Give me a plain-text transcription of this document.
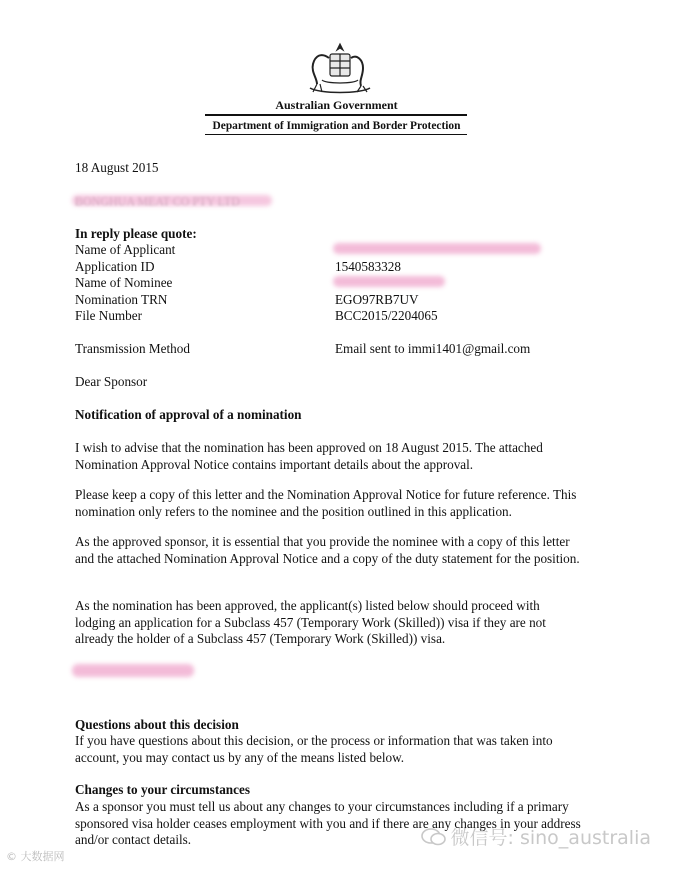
Australian Government
Department of Immigration and Border Protection
18 August 2015
In reply please quote:
Name of Applicant
Application ID	1540583328
Name of Nominee
Nomination TRN	EGO97RB7UV
File Number	BCC2015/2204065
Transmission Method	Email sent to immi1401@gmail.com
Dear Sponsor
Notification of approval of a nomination
I wish to advise that the nomination has been approved on 18 August 2015. The attached Nomination Approval Notice contains important details about the approval.
Please keep a copy of this letter and the Nomination Approval Notice for future reference. This nomination only refers to the nominee and the position outlined in this application.
As the approved sponsor, it is essential that you provide the nominee with a copy of this letter and the attached Nomination Approval Notice and a copy of the duty statement for the position.
As the nomination has been approved, the applicant(s) listed below should proceed with lodging an application for a Subclass 457 (Temporary Work (Skilled)) visa if they are not already the holder of a Subclass 457 (Temporary Work (Skilled)) visa.
Questions about this decision
If you have questions about this decision, or the process or information that was taken into account, you may contact us by any of the means listed below.
Changes to your circumstances
As a sponsor you must tell us about any changes to your circumstances including if a primary sponsored visa holder ceases employment with you and if there are any changes in your address and/or contact details.	微信号: sino_australia
© 大数据网
